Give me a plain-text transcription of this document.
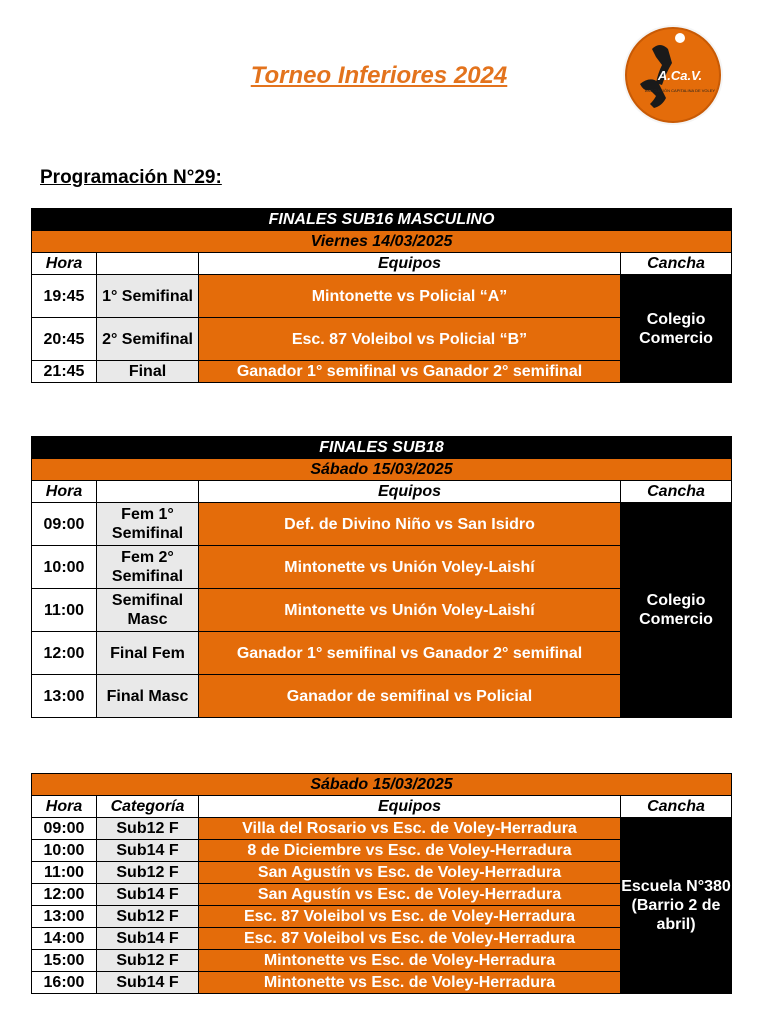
Torneo Inferiores 2024	A.Ca.V.
ASOCIACIÓN CAPITALINA DE VOLEY
Programación N°29:
FINALES SUB16 MASCULINO			
Viernes 14/03/2025			
Hora		Equipos	Cancha
19:45	1° Semifinal	Mintonette vs Policial “A”	Colegio Comercio
20:45	2° Semifinal	Esc. 87 Voleibol vs Policial “B”	
21:45	Final	Ganador 1° semifinal vs Ganador 2° semifinal	
FINALES SUB18			
Sábado 15/03/2025			
Hora		Equipos	Cancha
09:00	Fem 1° Semifinal	Def. de Divino Niño vs San Isidro	Colegio Comercio
10:00	Fem 2° Semifinal	Mintonette vs Unión Voley-Laishí	
11:00	Semifinal Masc	Mintonette vs Unión Voley-Laishí	
12:00	Final Fem	Ganador 1° semifinal vs Ganador 2° semifinal	
13:00	Final Masc	Ganador de semifinal vs Policial	
Sábado 15/03/2025			
Hora	Categoría	Equipos	Cancha
09:00	Sub12 F	Villa del Rosario vs Esc. de Voley-Herradura	Escuela N°380 (Barrio 2 de abril)
10:00	Sub14 F	8 de Diciembre vs Esc. de Voley-Herradura	
11:00	Sub12 F	San Agustín vs Esc. de Voley-Herradura	
12:00	Sub14 F	San Agustín vs Esc. de Voley-Herradura	
13:00	Sub12 F	Esc. 87 Voleibol vs Esc. de Voley-Herradura	
14:00	Sub14 F	Esc. 87 Voleibol vs Esc. de Voley-Herradura	
15:00	Sub12 F	Mintonette vs Esc. de Voley-Herradura	
16:00	Sub14 F	Mintonette vs Esc. de Voley-Herradura	
